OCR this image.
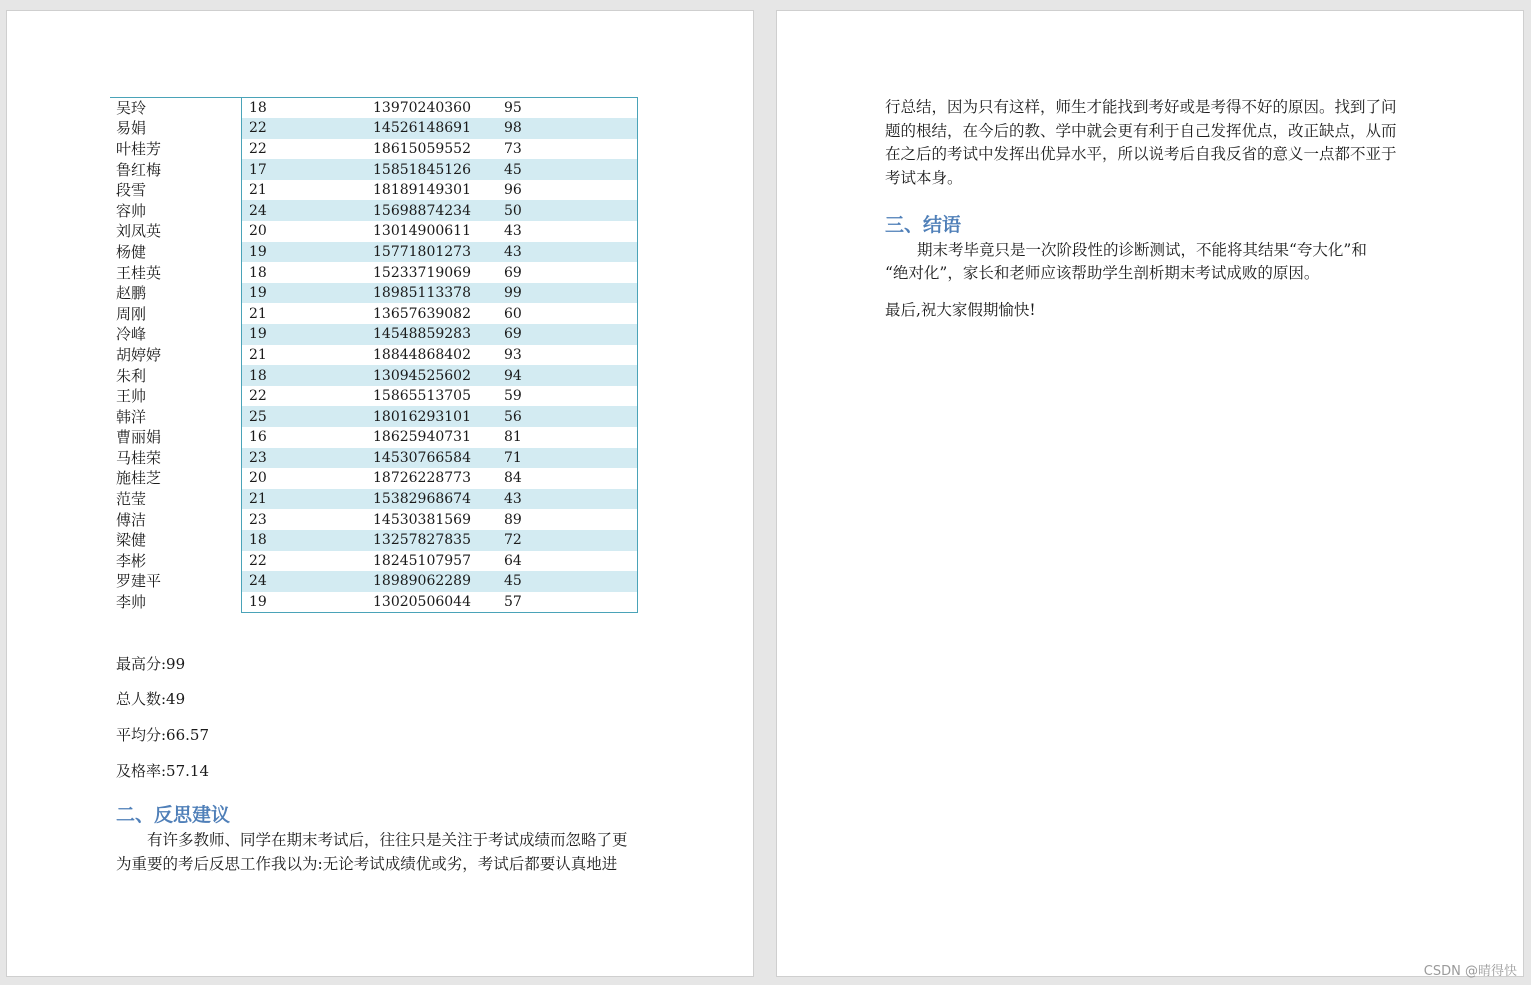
吴玲	18	13970240360	95
易娟	22	14526148691	98
叶桂芳	22	18615059552	73
鲁红梅	17	15851845126	45
段雪	21	18189149301	96
容帅	24	15698874234	50
刘凤英	20	13014900611	43
杨健	19	15771801273	43
王桂英	18	15233719069	69
赵鹏	19	18985113378	99
周刚	21	13657639082	60
冷峰	19	14548859283	69
胡婷婷	21	18844868402	93
朱利	18	13094525602	94
王帅	22	15865513705	59
韩洋	25	18016293101	56
曹丽娟	16	18625940731	81
马桂荣	23	14530766584	71
施桂芝	20	18726228773	84
范莹	21	15382968674	43
傅洁	23	14530381569	89
梁健	18	13257827835	72
李彬	22	18245107957	64
罗建平	24	18989062289	45
李帅	19	13020506044	57
最高分:99
总人数:49
平均分:66.57
及格率:57.14
二、反思建议
有许多教师、同学在期末考试后，往往只是关注于考试成绩而忽略了更
为重要的考后反思工作我以为:无论考试成绩优或劣，考试后都要认真地进
行总结，因为只有这样，师生才能找到考好或是考得不好的原因。找到了问
题的根结，在今后的教、学中就会更有利于自己发挥优点，改正缺点，从而
在之后的考试中发挥出优异水平，所以说考后自我反省的意义一点都不亚于
考试本身。
三、结语
期末考毕竟只是一次阶段性的诊断测试，不能将其结果“夸大化”和
“绝对化”，家长和老师应该帮助学生剖析期末考试成败的原因。
最后,祝大家假期愉快!
CSDN @晴得快
